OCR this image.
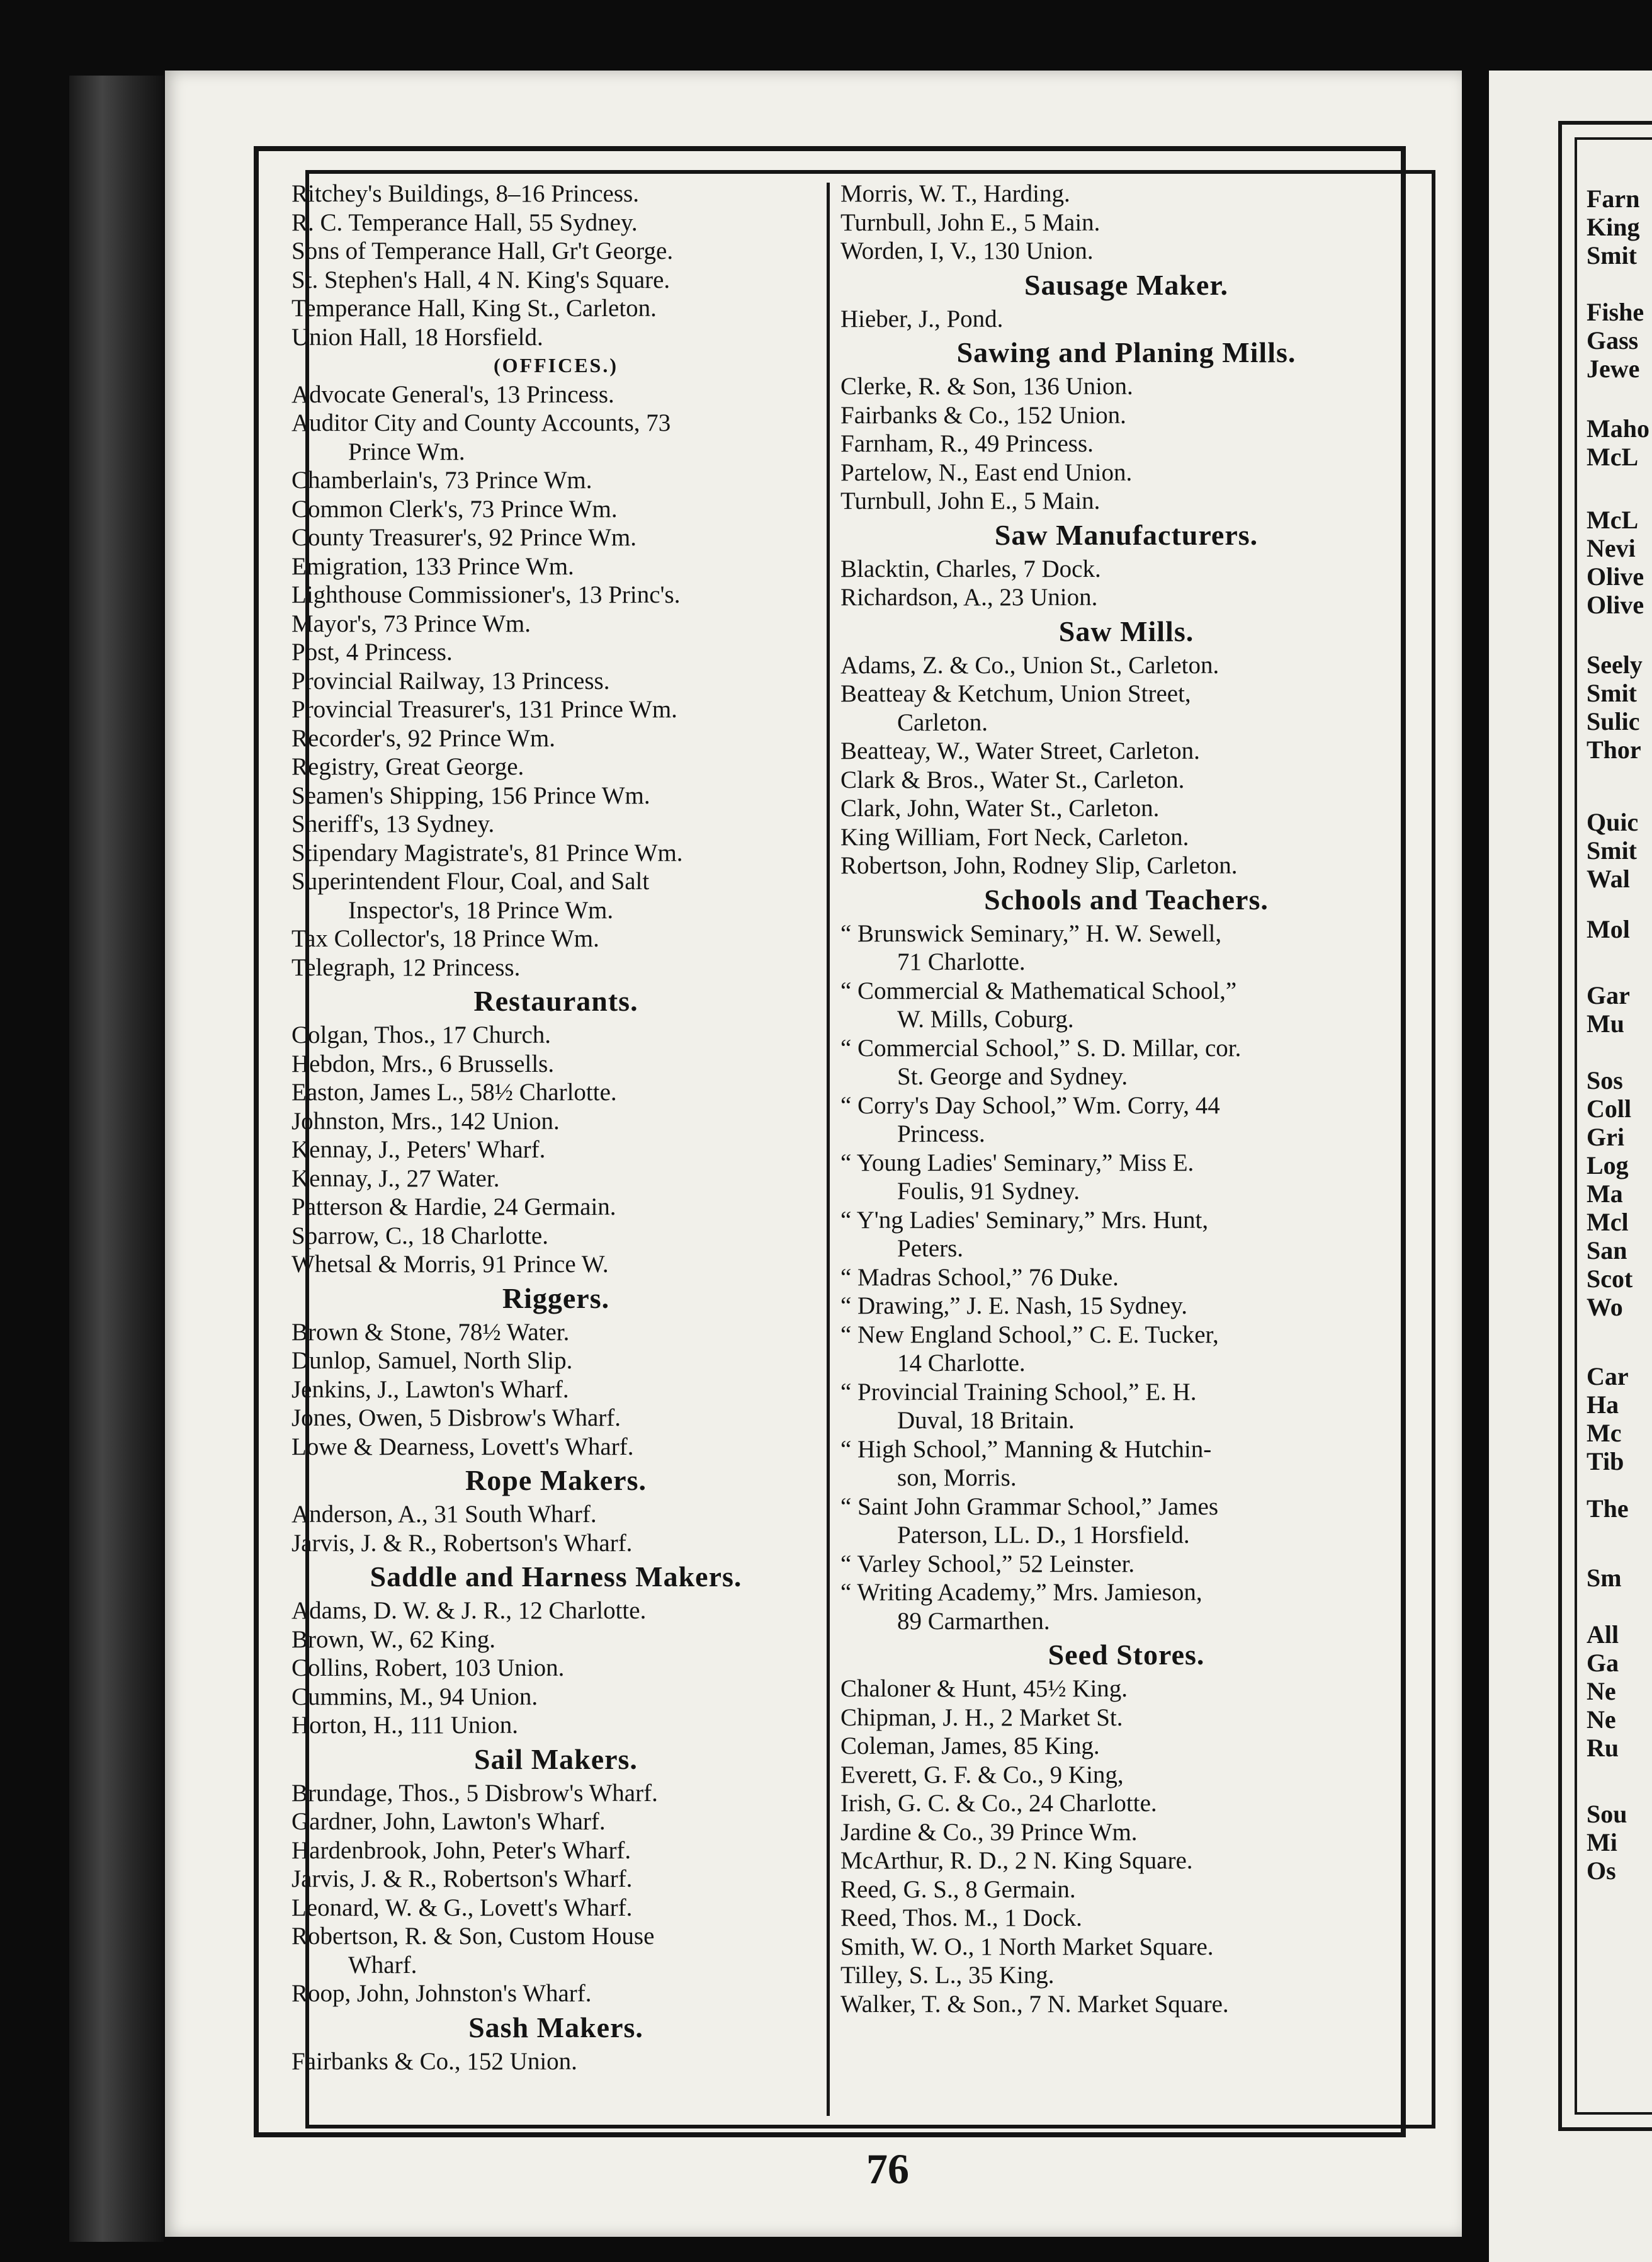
Farn
King
Smit
Fishe
Gass
Jewe
Maho
McL
McL
Nevi
Olive
Olive
Seely
Smit
Sulic
Thor
Quic
Smit
Wal
Mol
Gar
Mu
Sos
Coll
Gri
Log
Ma
Mcl
San
Scot
Wo
Car
Ha
Mc
Tib
The
Sm
All
Ga
Ne
Ne
Ru
Sou
Mi
Os
Ritchey's Buildings, 8–16 Princess.
R. C. Temperance Hall, 55 Sydney.
Sons of Temperance Hall, Gr't George.
St. Stephen's Hall, 4 N. King's Square.
Temperance Hall, King St., Carleton.
Union Hall, 18 Horsfield.
(OFFICES.)
Advocate General's, 13 Princess.
Auditor City and County Accounts, 73
Prince Wm.
Chamberlain's, 73 Prince Wm.
Common Clerk's, 73 Prince Wm.
County Treasurer's, 92 Prince Wm.
Emigration, 133 Prince Wm.
Lighthouse Commissioner's, 13 Princ's.
Mayor's, 73 Prince Wm.
Post, 4 Princess.
Provincial Railway, 13 Princess.
Provincial Treasurer's, 131 Prince Wm.
Recorder's, 92 Prince Wm.
Registry, Great George.
Seamen's Shipping, 156 Prince Wm.
Sheriff's, 13 Sydney.
Stipendary Magistrate's, 81 Prince Wm.
Superintendent Flour, Coal, and Salt
Inspector's, 18 Prince Wm.
Tax Collector's, 18 Prince Wm.
Telegraph, 12 Princess.
Restaurants.
Colgan, Thos., 17 Church.
Hebdon, Mrs., 6 Brussells.
Easton, James L., 58½ Charlotte.
Johnston, Mrs., 142 Union.
Kennay, J., Peters' Wharf.
Kennay, J., 27 Water.
Patterson & Hardie, 24 Germain.
Sparrow, C., 18 Charlotte.
Whetsal & Morris, 91 Prince W.
Riggers.
Brown & Stone, 78½ Water.
Dunlop, Samuel, North Slip.
Jenkins, J., Lawton's Wharf.
Jones, Owen, 5 Disbrow's Wharf.
Lowe & Dearness, Lovett's Wharf.
Rope Makers.
Anderson, A., 31 South Wharf.
Jarvis, J. & R., Robertson's Wharf.
Saddle and Harness Makers.
Adams, D. W. & J. R., 12 Charlotte.
Brown, W., 62 King.
Collins, Robert, 103 Union.
Cummins, M., 94 Union.
Horton, H., 111 Union.
Sail Makers.
Brundage, Thos., 5 Disbrow's Wharf.
Gardner, John, Lawton's Wharf.
Hardenbrook, John, Peter's Wharf.
Jarvis, J. & R., Robertson's Wharf.
Leonard, W. & G., Lovett's Wharf.
Robertson, R. & Son, Custom House
Wharf.
Roop, John, Johnston's Wharf.
Sash Makers.
Fairbanks & Co., 152 Union.
Morris, W. T., Harding.
Turnbull, John E., 5 Main.
Worden, I, V., 130 Union.
Sausage Maker.
Hieber, J., Pond.
Sawing and Planing Mills.
Clerke, R. & Son, 136 Union.
Fairbanks & Co., 152 Union.
Farnham, R., 49 Princess.
Partelow, N., East end Union.
Turnbull, John E., 5 Main.
Saw Manufacturers.
Blacktin, Charles, 7 Dock.
Richardson, A., 23 Union.
Saw Mills.
Adams, Z. & Co., Union St., Carleton.
Beatteay & Ketchum, Union Street,
Carleton.
Beatteay, W., Water Street, Carleton.
Clark & Bros., Water St., Carleton.
Clark, John, Water St., Carleton.
King William, Fort Neck, Carleton.
Robertson, John, Rodney Slip, Carleton.
Schools and Teachers.
“ Brunswick Seminary,” H. W. Sewell,
71 Charlotte.
“ Commercial & Mathematical School,”
W. Mills, Coburg.
“ Commercial School,” S. D. Millar, cor.
St. George and Sydney.
“ Corry's Day School,” Wm. Corry, 44
Princess.
“ Young Ladies' Seminary,” Miss E.
Foulis, 91 Sydney.
“ Y'ng Ladies' Seminary,” Mrs. Hunt,
Peters.
“ Madras School,” 76 Duke.
“ Drawing,” J. E. Nash, 15 Sydney.
“ New England School,” C. E. Tucker,
14 Charlotte.
“ Provincial Training School,” E. H.
Duval, 18 Britain.
“ High School,” Manning & Hutchin-
son, Morris.
“ Saint John Grammar School,” James
Paterson, LL. D., 1 Horsfield.
“ Varley School,” 52 Leinster.
“ Writing Academy,” Mrs. Jamieson,
89 Carmarthen.
Seed Stores.
Chaloner & Hunt, 45½ King.
Chipman, J. H., 2 Market St.
Coleman, James, 85 King.
Everett, G. F. & Co., 9 King,
Irish, G. C. & Co., 24 Charlotte.
Jardine & Co., 39 Prince Wm.
McArthur, R. D., 2 N. King Square.
Reed, G. S., 8 Germain.
Reed, Thos. M., 1 Dock.
Smith, W. O., 1 North Market Square.
Tilley, S. L., 35 King.
Walker, T. & Son., 7 N. Market Square.
76
